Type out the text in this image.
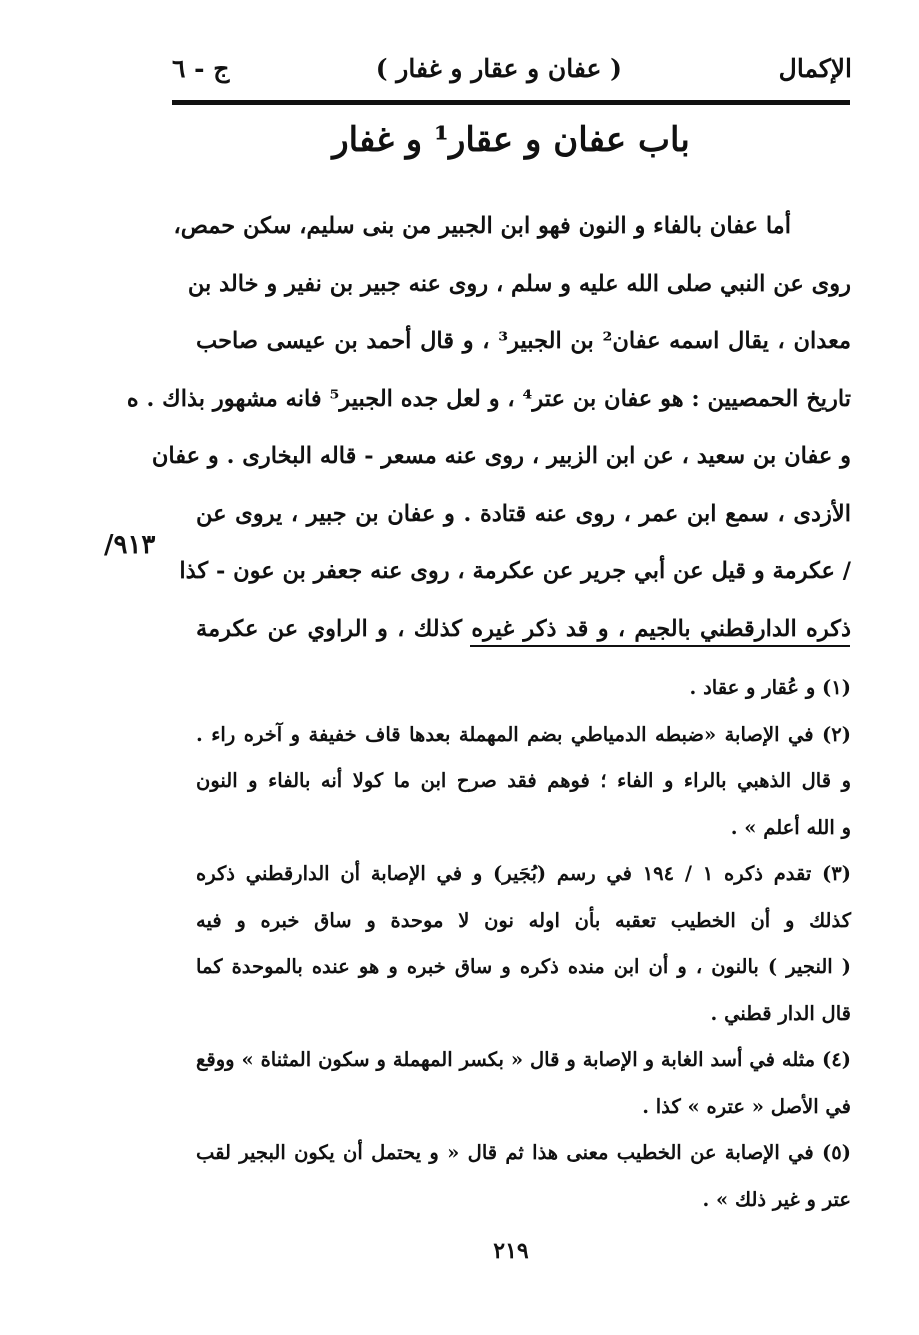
الإكمال
( عفان و عقار و غفار )
ج - ٦
باب عفان و عقار¹ و غفار
أما عفان بالفاء و النون فهو ابن الجبير من بنى سليم، سكن حمص،
روى عن النبي صلى الله عليه و سلم ، روى عنه جبير بن نفير و خالد بن
معدان ، يقال اسمه عفان² بن الجبير³ ، و قال أحمد بن عيسى صاحب
تاريخ الحمصيين : هو عفان بن عتر⁴ ، و لعل جده الجبير⁵ فانه مشهور بذاك . ه
و عفان بن سعيد ، عن ابن الزبير ، روى عنه مسعر - قاله البخارى . و عفان
الأزدى ، سمع ابن عمر ، روى عنه قتادة . و عفان بن جبير ، يروى عن
/ عكرمة و قيل عن أبي جرير عن عكرمة ، روى عنه جعفر بن عون - كذا
ذكره الدارقطني بالجيم ، و قد ذكر غيره كذلك ، و الراوي عن عكرمة
٩١٣/
(١) و عُقار و عقاد .
(٢) في الإصابة «ضبطه الدمياطي بضم المهملة بعدها قاف خفيفة و آخره راء .
و قال الذهبي بالراء و الفاء ؛ فوهم فقد صرح ابن ما كولا أنه بالفاء و النون
و الله أعلم » .
(٣) تقدم ذكره ١ / ١٩٤ في رسم (بُجَير) و في الإصابة أن الدارقطني ذكره
كذلك و أن الخطيب تعقبه بأن اوله نون لا موحدة و ساق خبره و فيه
( النجير ) بالنون ، و أن ابن منده ذكره و ساق خبره و هو عنده بالموحدة كما
قال الدار قطني .
(٤) مثله في أسد الغابة و الإصابة و قال « بكسر المهملة و سكون المثناة » ووقع
في الأصل « عتره » كذا .
(٥) في الإصابة عن الخطيب معنى هذا ثم قال « و يحتمل أن يكون البجير لقب
عتر و غير ذلك » .
٢١٩
